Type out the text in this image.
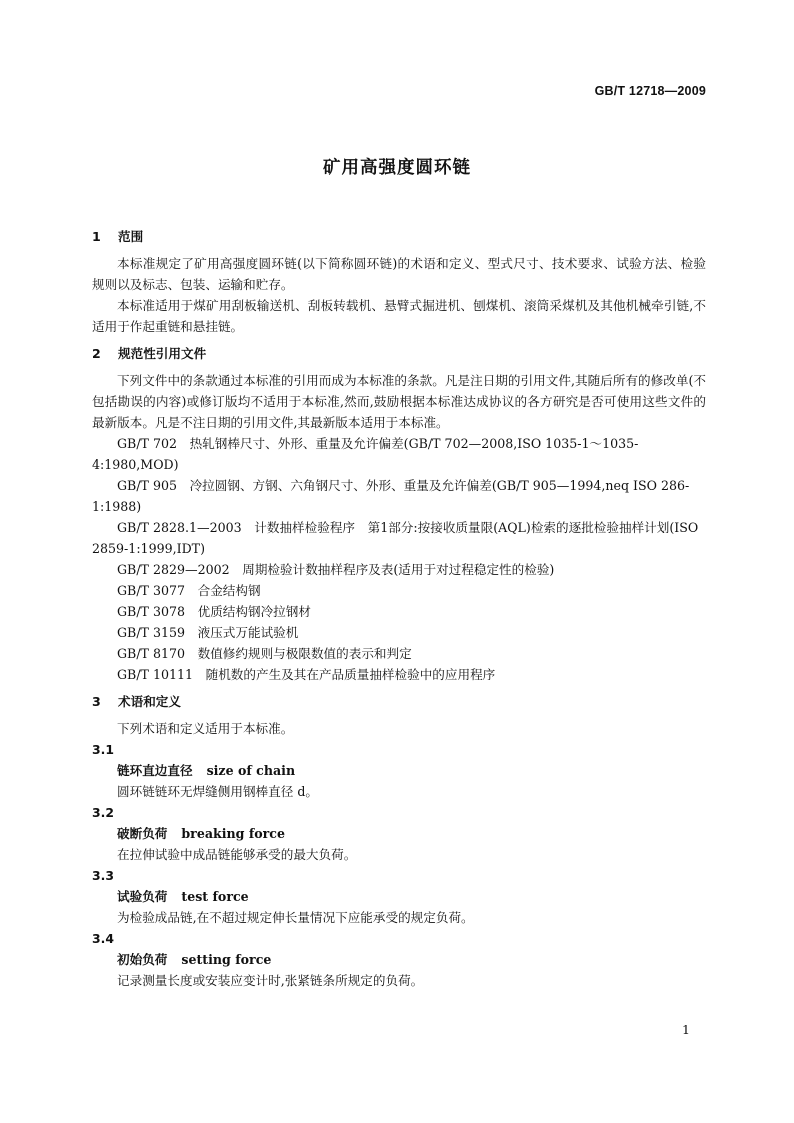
GB/T 12718—2009
矿用高强度圆环链

1 范围

本标准规定了矿用高强度圆环链(以下简称圆环链)的术语和定义、型式尺寸、技术要求、试验方法、检验规则以及标志、包装、运输和贮存。

本标准适用于煤矿用刮板输送机、刮板转载机、悬臂式掘进机、刨煤机、滚筒采煤机及其他机械牵引链,不适用于作起重链和悬挂链。

2 规范性引用文件

下列文件中的条款通过本标准的引用而成为本标准的条款。凡是注日期的引用文件,其随后所有的修改单(不包括勘误的内容)或修订版均不适用于本标准,然而,鼓励根据本标准达成协议的各方研究是否可使用这些文件的最新版本。凡是不注日期的引用文件,其最新版本适用于本标准。

GB/T 702　热轧钢棒尺寸、外形、重量及允许偏差(GB/T 702—2008,ISO 1035-1～1035-4:1980,MOD)

GB/T 905　冷拉圆钢、方钢、六角钢尺寸、外形、重量及允许偏差(GB/T 905—1994,neq ISO 286-1:1988)

GB/T 2828.1—2003　计数抽样检验程序　第1部分:按接收质量限(AQL)检索的逐批检验抽样计划(ISO 2859-1:1999,IDT)

GB/T 2829—2002　周期检验计数抽样程序及表(适用于对过程稳定性的检验)

GB/T 3077　合金结构钢

GB/T 3078　优质结构钢冷拉钢材

GB/T 3159　液压式万能试验机

GB/T 8170　数值修约规则与极限数值的表示和判定

GB/T 10111　随机数的产生及其在产品质量抽样检验中的应用程序

3 术语和定义

下列术语和定义适用于本标准。

3.1

链环直边直径 size of chain

圆环链链环无焊缝侧用钢棒直径 d。

3.2

破断负荷 breaking force

在拉伸试验中成品链能够承受的最大负荷。

3.3

试验负荷 test force

为检验成品链,在不超过规定伸长量情况下应能承受的规定负荷。

3.4

初始负荷 setting force

记录测量长度或安装应变计时,张紧链条所规定的负荷。

1
